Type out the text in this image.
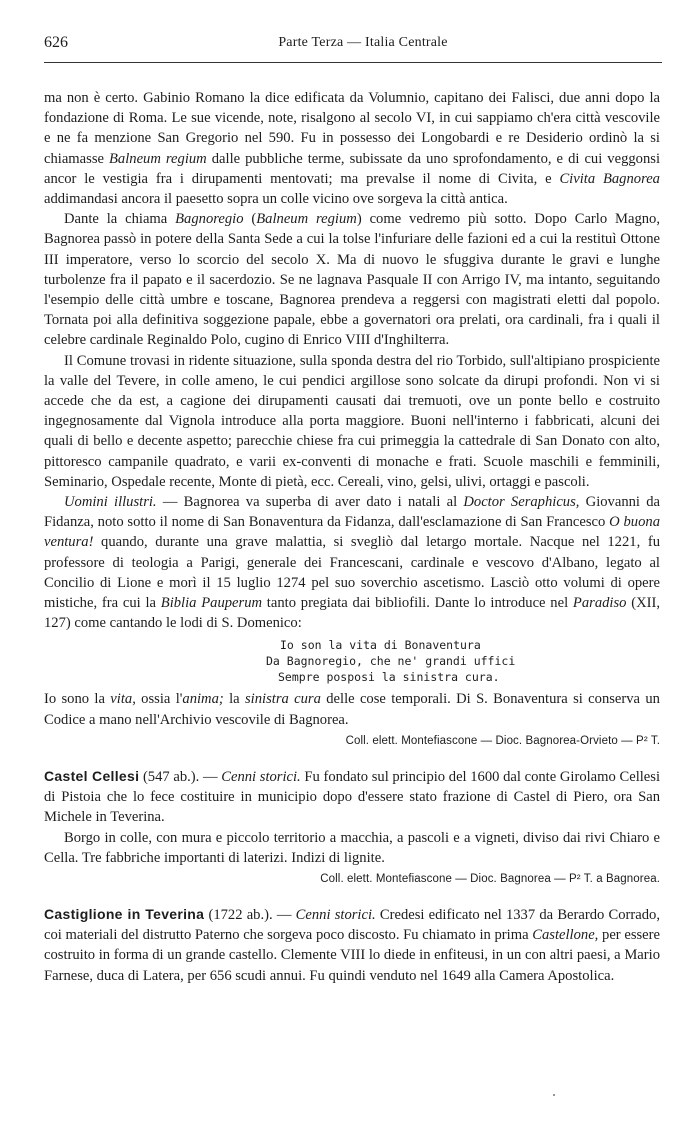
626	Parte Terza — Italia Centrale

ma non è certo. Gabinio Romano la dice edificata da Volumnio, capitano dei Falisci, due anni dopo la fondazione di Roma. Le sue vicende, note, risalgono al secolo VI, in cui sappiamo ch'era città vescovile e ne fa menzione San Gregorio nel 590. Fu in possesso dei Longobardi e re Desiderio ordinò la si chiamasse Balneum regium dalle pubbliche terme, subissate da uno sprofondamento, e di cui veggonsi ancor le vestigia fra i dirupamenti mentovati; ma prevalse il nome di Civita, e Civita Bagnorea addimandasi ancora il paesetto sopra un colle vicino ove sorgeva la città antica.

Dante la chiama Bagnoregio (Balneum regium) come vedremo più sotto. Dopo Carlo Magno, Bagnorea passò in potere della Santa Sede a cui la tolse l'infuriare delle fazioni ed a cui la restituì Ottone III imperatore, verso lo scorcio del secolo X. Ma di nuovo le sfuggiva durante le gravi e lunghe turbolenze fra il papato e il sacerdozio. Se ne lagnava Pasquale II con Arrigo IV, ma intanto, seguitando l'esempio delle città umbre e toscane, Bagnorea prendeva a reggersi con magistrati eletti dal popolo. Tornata poi alla definitiva soggezione papale, ebbe a governatori ora prelati, ora cardinali, fra i quali il celebre cardinale Reginaldo Polo, cugino di Enrico VIII d'Inghilterra.

Il Comune trovasi in ridente situazione, sulla sponda destra del rio Torbido, sull'altipiano prospiciente la valle del Tevere, in colle ameno, le cui pendici argillose sono solcate da dirupi profondi. Non vi si accede che da est, a cagione dei dirupamenti causati dai tremuoti, ove un ponte bello e costruito ingegnosamente dal Vignola introduce alla porta maggiore. Buoni nell'interno i fabbricati, alcuni dei quali di bello e decente aspetto; parecchie chiese fra cui primeggia la cattedrale di San Donato con alto, pittoresco campanile quadrato, e varii ex-conventi di monache e frati. Scuole maschili e femminili, Seminario, Ospedale recente, Monte di pietà, ecc. Cereali, vino, gelsi, ulivi, ortaggi e pascoli.

Uomini illustri. — Bagnorea va superba di aver dato i natali al Doctor Seraphicus, Giovanni da Fidanza, noto sotto il nome di San Bonaventura da Fidanza, dall'esclamazione di San Francesco O buona ventura! quando, durante una grave malattia, si svegliò dal letargo mortale. Nacque nel 1221, fu professore di teologia a Parigi, generale dei Francescani, cardinale e vescovo d'Albano, legato al Concilio di Lione e morì il 15 luglio 1274 pel suo soverchio ascetismo. Lasciò otto volumi di opere mistiche, fra cui la Biblia Pauperum tanto pregiata dai bibliofili. Dante lo introduce nel Paradiso (XII, 127) come cantando le lodi di S. Domenico:

Io son la vita di Bonaventura
Da Bagnoregio, che ne' grandi uffici
Sempre posposi la sinistra cura.

Io sono la vita, ossia l'anima; la sinistra cura delle cose temporali. Di S. Bonaventura si conserva un Codice a mano nell'Archivio vescovile di Bagnorea.

Coll. elett. Montefiascone — Dioc. Bagnorea-Orvieto — P² T.

Castel Cellesi (547 ab.). — Cenni storici. Fu fondato sul principio del 1600 dal conte Girolamo Cellesi di Pistoia che lo fece costituire in municipio dopo d'essere stato frazione di Castel di Piero, ora San Michele in Teverina.

Borgo in colle, con mura e piccolo territorio a macchia, a pascoli e a vigneti, diviso dai rivi Chiaro e Cella. Tre fabbriche importanti di laterizi. Indizi di lignite.

Coll. elett. Montefiascone — Dioc. Bagnorea — P² T. a Bagnorea.

Castiglione in Teverina (1722 ab.). — Cenni storici. Credesi edificato nel 1337 da Berardo Corrado, coi materiali del distrutto Paterno che sorgeva poco discosto. Fu chiamato in prima Castellone, per essere costruito in forma di un grande castello. Clemente VIII lo diede in enfiteusi, in un con altri paesi, a Mario Farnese, duca di Latera, per 656 scudi annui. Fu quindi venduto nel 1649 alla Camera Apostolica.
